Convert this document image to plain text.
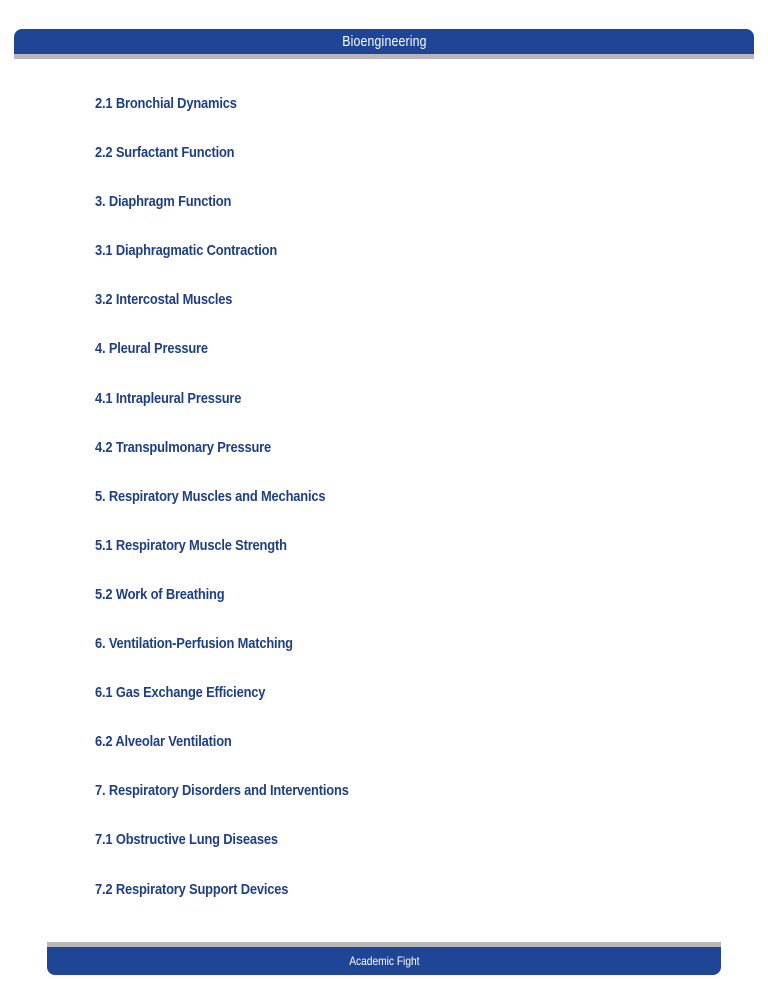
Bioengineering
2.1 Bronchial Dynamics
2.2 Surfactant Function
3. Diaphragm Function
3.1 Diaphragmatic Contraction
3.2 Intercostal Muscles
4. Pleural Pressure
4.1 Intrapleural Pressure
4.2 Transpulmonary Pressure
5. Respiratory Muscles and Mechanics
5.1 Respiratory Muscle Strength
5.2 Work of Breathing
6. Ventilation-Perfusion Matching
6.1 Gas Exchange Efficiency
6.2 Alveolar Ventilation
7. Respiratory Disorders and Interventions
7.1 Obstructive Lung Diseases
7.2 Respiratory Support Devices
Academic Fight
